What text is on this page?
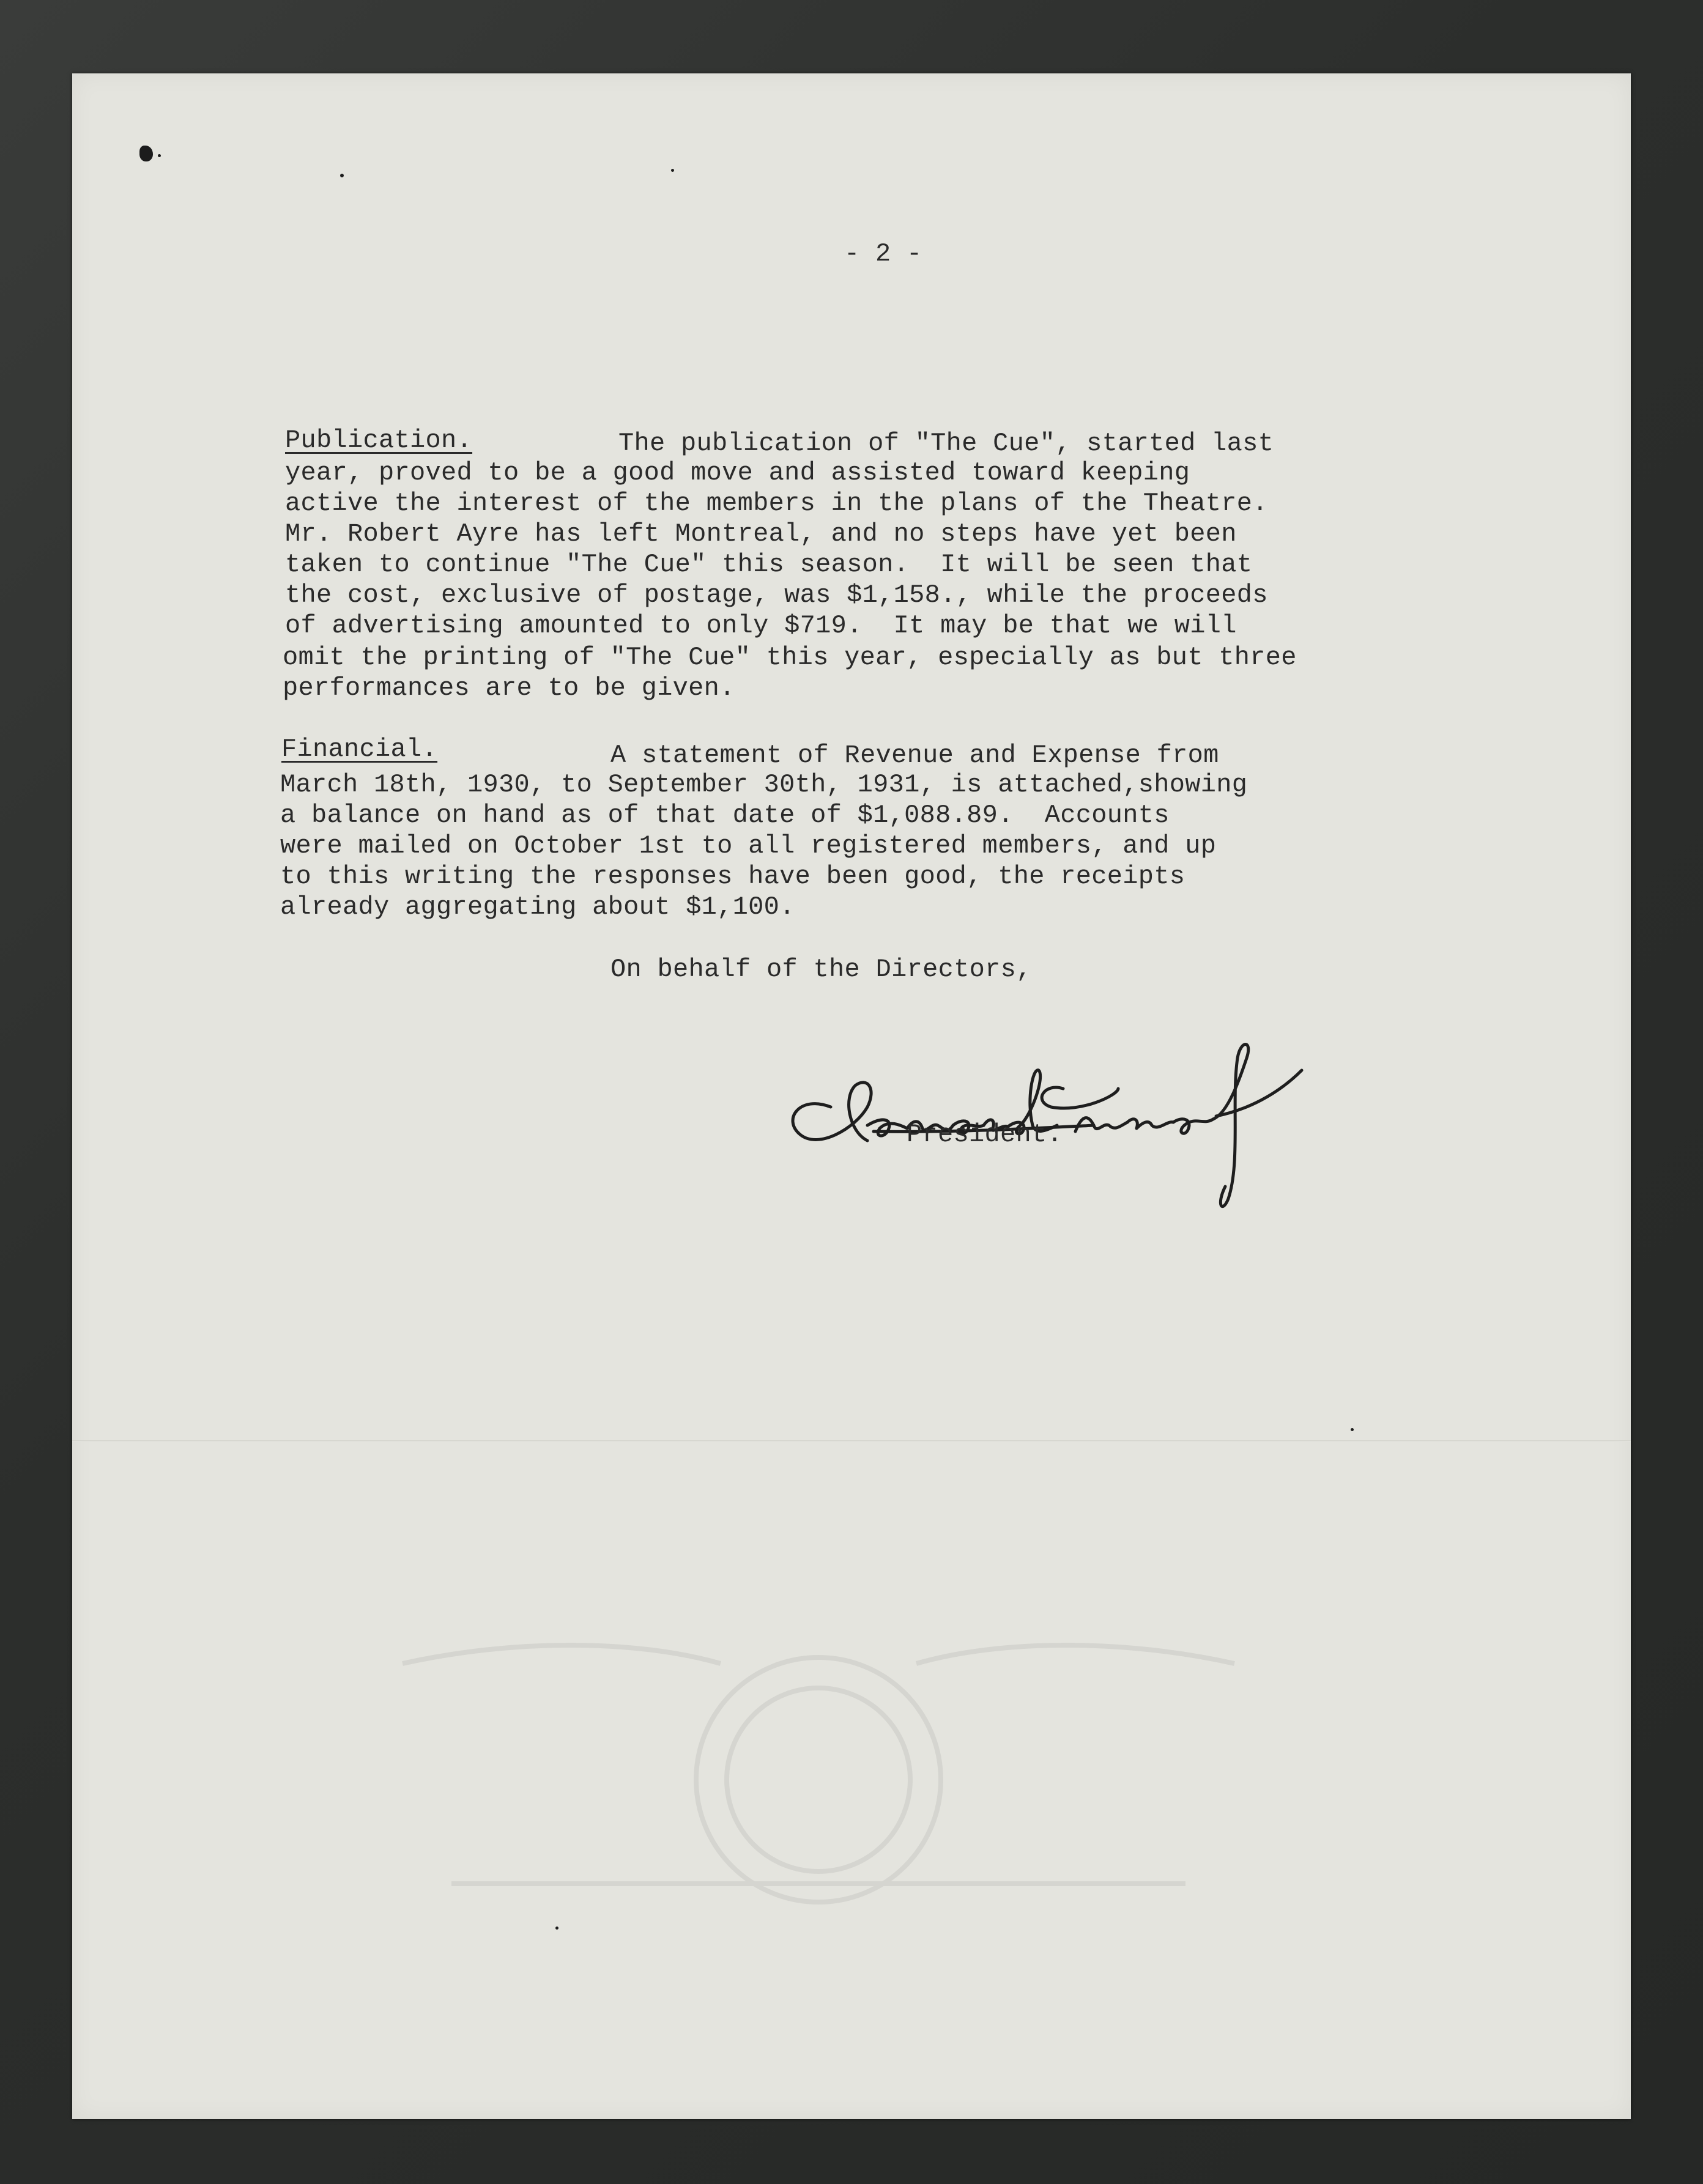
- 2 -
Publication.	The publication of "The Cue", started last
year, proved to be a good move and assisted toward keeping
active the interest of the members in the plans of the Theatre.
Mr. Robert Ayre has left Montreal, and no steps have yet been
taken to continue "The Cue" this season.  It will be seen that
the cost, exclusive of postage, was $1,158., while the proceeds
of advertising amounted to only $719.  It may be that we will
omit the printing of "The Cue" this year, especially as but three
performances are to be given.
Financial.	A statement of Revenue and Expense from
March 18th, 1930, to September 30th, 1931, is attached,showing
a balance on hand as of that date of $1,088.89.  Accounts
were mailed on October 1st to all registered members, and up
to this writing the responses have been good, the receipts
already aggregating about $1,100.
On behalf of the Directors,
President.
